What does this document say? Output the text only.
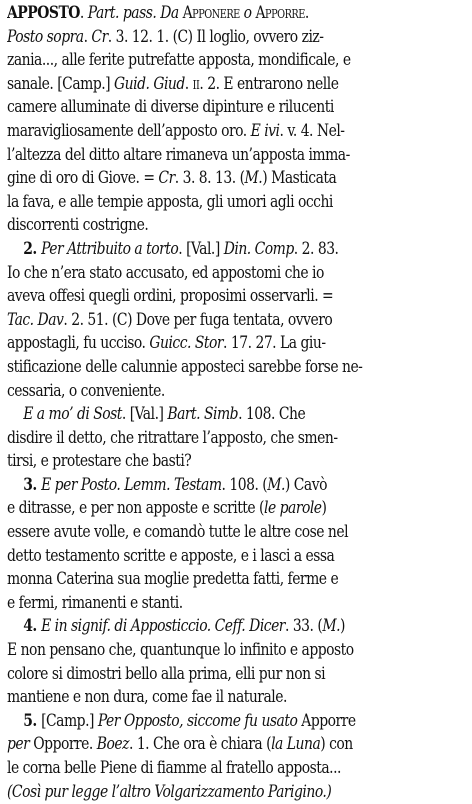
APPOSTO. Part. pass. Da Apponere o Apporre.
Posto sopra. Cr. 3. 12. 1. (C) Il loglio, ovvero ziz-
zania..., alle ferite putrefatte apposta, mondificale, e
sanale. [Camp.] Guid. Giud. ii. 2. E entrarono nelle
camere alluminate di diverse dipinture e rilucenti
maravigliosamente dell’apposto oro. E ivi. v. 4. Nel-
l’altezza del ditto altare rimaneva un’apposta imma-
gine di oro di Giove. = Cr. 3. 8. 13. (M.) Masticata
la fava, e alle tempie apposta, gli umori agli occhi
discorrenti costrigne.
2. Per Attribuito a torto. [Val.] Din. Comp. 2. 83.
Io che n’era stato accusato, ed appostomi che io
aveva offesi quegli ordini, proposimi osservarli. =
Tac. Dav. 2. 51. (C) Dove per fuga tentata, ovvero
appostagli, fu ucciso. Guicc. Stor. 17. 27. La giu-
stificazione delle calunnie apposteci sarebbe forse ne-
cessaria, o conveniente.
E a mo’ di Sost. [Val.] Bart. Simb. 108. Che
disdire il detto, che ritrattare l’apposto, che smen-
tirsi, e protestare che basti?
3. E per Posto. Lemm. Testam. 108. (M.) Cavò
e ditrasse, e per non apposte e scritte (le parole)
essere avute volle, e comandò tutte le altre cose nel
detto testamento scritte e apposte, e i lasci a essa
monna Caterina sua moglie predetta fatti, ferme e
e fermi, rimanenti e stanti.
4. E in signif. di Apposticcio. Ceff. Dicer. 33. (M.)
E non pensano che, quantunque lo infinito e apposto
colore si dimostri bello alla prima, elli pur non si
mantiene e non dura, come fae il naturale.
5. [Camp.] Per Opposto, siccome fu usato Apporre
per Opporre. Boez. 1. Che ora è chiara (la Luna) con
le corna belle Piene di fiamme al fratello apposta...
(Così pur legge l’altro Volgarizzamento Parigino.)
